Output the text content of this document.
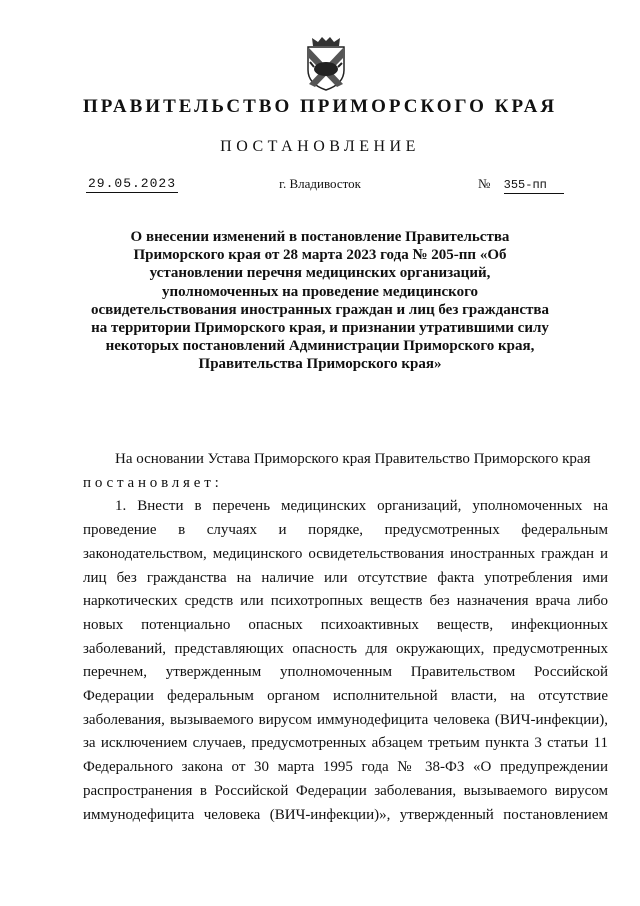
ПРАВИТЕЛЬСТВО ПРИМОРСКОГО КРАЯ
ПОСТАНОВЛЕНИЕ
29.05.2023	г. Владивосток	№ 355-пп
О внесении изменений в постановление Правительства Приморского края от 28 марта 2023 года № 205-пп «Об установлении перечня медицинских организаций, уполномоченных на проведение медицинского освидетельствования иностранных граждан и лиц без гражданства на территории Приморского края, и признании утратившими силу некоторых постановлений Администрации Приморского края, Правительства Приморского края»

На основании Устава Приморского края Правительство Приморского края

постановляет:

1. Внести в перечень медицинских организаций, уполномоченных на проведение в случаях и порядке, предусмотренных федеральным законодательством, медицинского освидетельствования иностранных граждан и лиц без гражданства на наличие или отсутствие факта употребления ими наркотических средств или психотропных веществ без назначения врача либо новых потенциально опасных психоактивных веществ, инфекционных заболеваний, представляющих опасность для окружающих, предусмотренных перечнем, утвержденным уполномоченным Правительством Российской Федерации федеральным органом исполнительной власти, на отсутствие заболевания, вызываемого вирусом иммунодефицита человека (ВИЧ-инфекции), за исключением случаев, предусмотренных абзацем третьим пункта 3 статьи 11 Федерального закона от 30 марта 1995 года № 38-ФЗ «О предупреждении распространения в Российской Федерации заболевания, вызываемого вирусом иммунодефицита человека (ВИЧ-инфекции)», утвержденный постановлением
